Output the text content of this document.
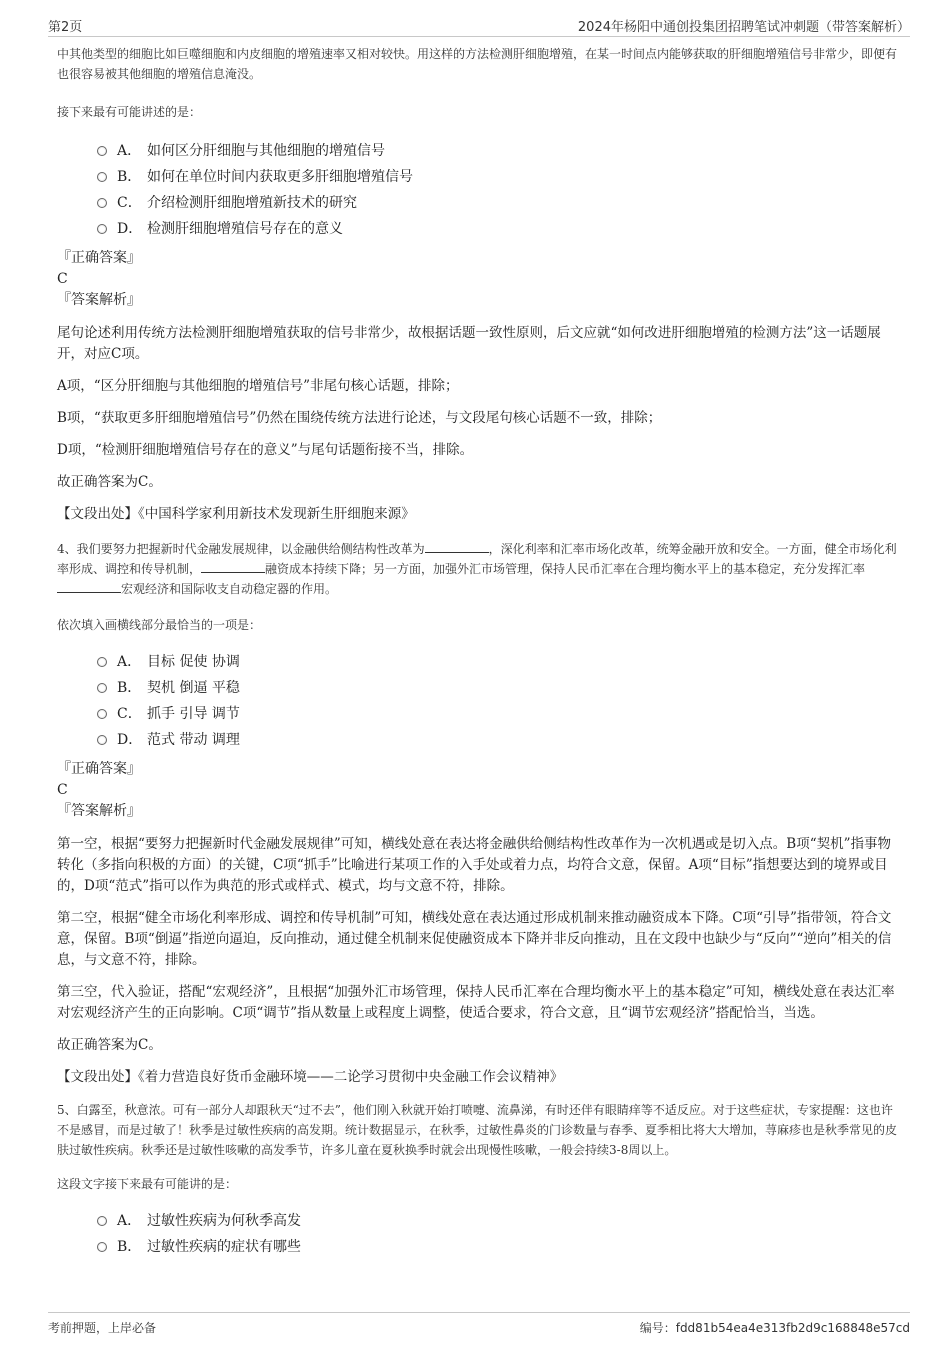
第2页	2024年杨阳中通创投集团招聘笔试冲刺题（带答案解析）
中其他类型的细胞比如巨噬细胞和内皮细胞的增殖速率又相对较快。用这样的方法检测肝细胞增殖，在某一时间点内能够获取的肝细胞增殖信号非常少，即便有也很容易被其他细胞的增殖信息淹没。
接下来最有可能讲述的是：
A． 如何区分肝细胞与其他细胞的增殖信号
B． 如何在单位时间内获取更多肝细胞增殖信号
C． 介绍检测肝细胞增殖新技术的研究
D． 检测肝细胞增殖信号存在的意义
『正确答案』
C
『答案解析』
尾句论述利用传统方法检测肝细胞增殖获取的信号非常少，故根据话题一致性原则，后文应就“如何改进肝细胞增殖的检测方法”这一话题展开，对应C项。
A项，“区分肝细胞与其他细胞的增殖信号”非尾句核心话题，排除；
B项，“获取更多肝细胞增殖信号”仍然在围绕传统方法进行论述，与文段尾句核心话题不一致，排除；
D项，“检测肝细胞增殖信号存在的意义”与尾句话题衔接不当，排除。
故正确答案为C。
【文段出处】《中国科学家利用新技术发现新生肝细胞来源》
4、我们要努力把握新时代金融发展规律，以金融供给侧结构性改革为	，深化利率和汇率市场化改革，统筹金融开放和安全。一方面，健全市场化利率形成、调控和传导机制，	融资成本持续下降；另一方面，加强外汇市场管理，保持人民币汇率在合理均衡水平上的基本稳定，充分发挥汇率宏观经济和国际收支自动稳定器的作用。
依次填入画横线部分最恰当的一项是：
A． 目标 促使 协调
B． 契机 倒逼 平稳
C． 抓手 引导 调节
D． 范式 带动 调理
『正确答案』
C
『答案解析』
第一空，根据“要努力把握新时代金融发展规律”可知，横线处意在表达将金融供给侧结构性改革作为一次机遇或是切入点。B项“契机”指事物转化（多指向积极的方面）的关键，C项“抓手”比喻进行某项工作的入手处或着力点，均符合文意，保留。A项“目标”指想要达到的境界或目的，D项“范式”指可以作为典范的形式或样式、模式，均与文意不符，排除。
第二空，根据“健全市场化利率形成、调控和传导机制”可知，横线处意在表达通过形成机制来推动融资成本下降。C项“引导”指带领，符合文意，保留。B项“倒逼”指逆向逼迫，反向推动，通过健全机制来促使融资成本下降并非反向推动，且在文段中也缺少与“反向”“逆向”相关的信息，与文意不符，排除。
第三空，代入验证，搭配“宏观经济”，且根据“加强外汇市场管理，保持人民币汇率在合理均衡水平上的基本稳定”可知，横线处意在表达汇率对宏观经济产生的正向影响。C项“调节”指从数量上或程度上调整，使适合要求，符合文意，且“调节宏观经济”搭配恰当，当选。
故正确答案为C。
【文段出处】《着力营造良好货币金融环境——二论学习贯彻中央金融工作会议精神》
5、白露至，秋意浓。可有一部分人却跟秋天“过不去”，他们刚入秋就开始打喷嚏、流鼻涕，有时还伴有眼睛痒等不适反应。对于这些症状，专家提醒：这也许不是感冒，而是过敏了！秋季是过敏性疾病的高发期。统计数据显示，在秋季，过敏性鼻炎的门诊数量与春季、夏季相比将大大增加，荨麻疹也是秋季常见的皮肤过敏性疾病。秋季还是过敏性咳嗽的高发季节，许多儿童在夏秋换季时就会出现慢性咳嗽，一般会持续3-8周以上。
这段文字接下来最有可能讲的是：
A． 过敏性疾病为何秋季高发
B． 过敏性疾病的症状有哪些
考前押题，上岸必备	编号：fdd81b54ea4e313fb2d9c168848e57cd
